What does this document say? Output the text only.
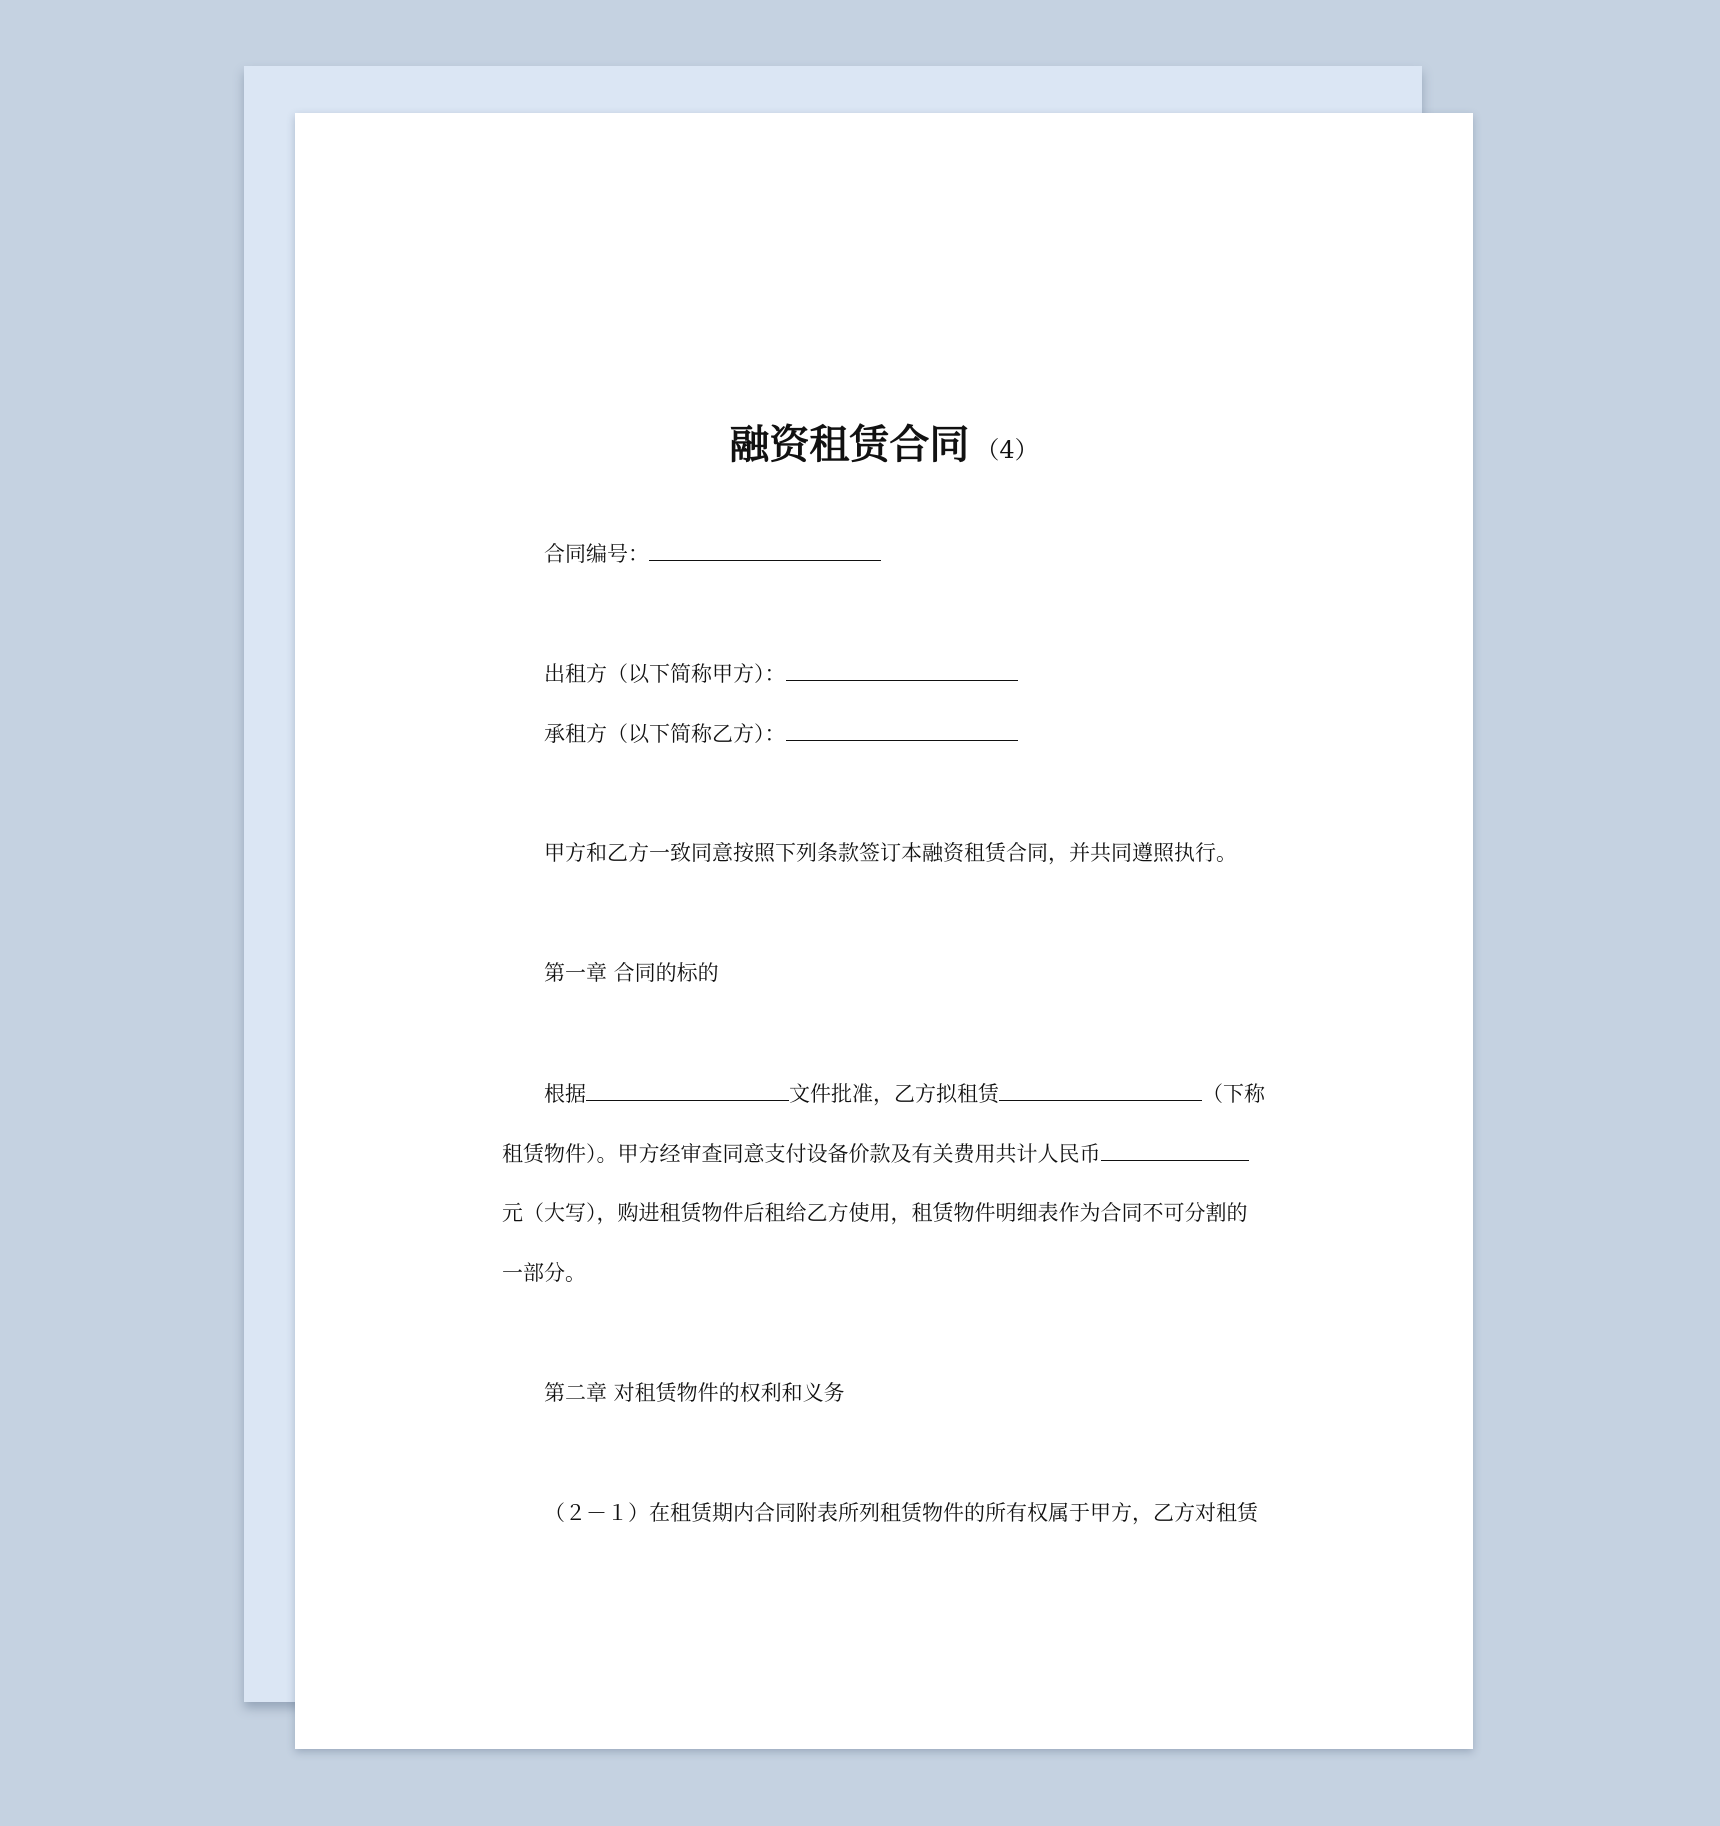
融资租赁合同 （4）
合同编号：
出租方（以下简称甲方）：
承租方（以下简称乙方）：
甲方和乙方一致同意按照下列条款签订本融资租赁合同，并共同遵照执行。
第一章 合同的标的
根据	文件批准，乙方拟租赁	（下称
租赁物件）。甲方经审查同意支付设备价款及有关费用共计人民币
元（大写），购进租赁物件后租给乙方使用，租赁物件明细表作为合同不可分割的
一部分。
第二章 对租赁物件的权利和义务
（２－１）在租赁期内合同附表所列租赁物件的所有权属于甲方，乙方对租赁
